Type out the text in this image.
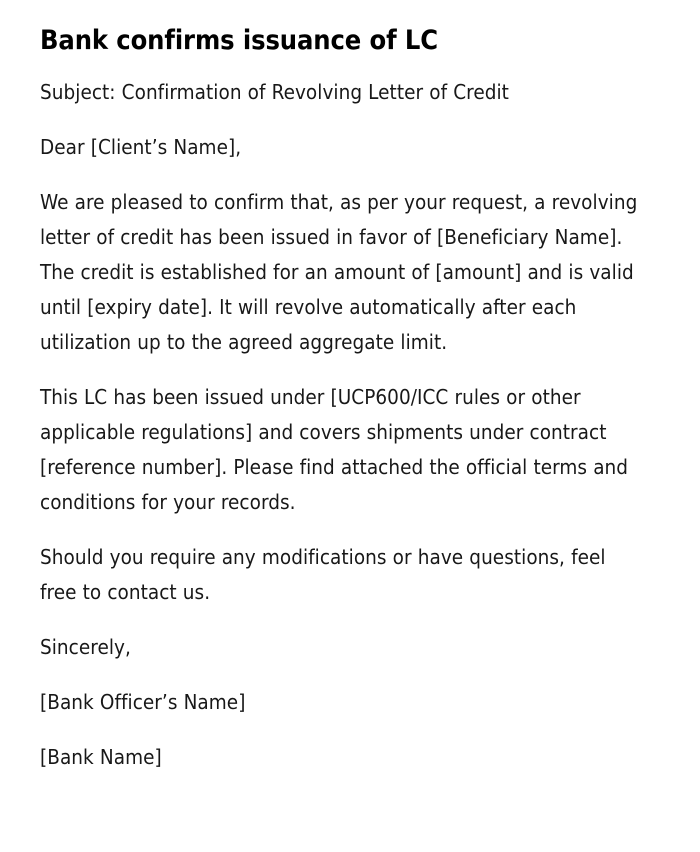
Bank confirms issuance of LC

Subject: Confirmation of Revolving Letter of Credit

Dear [Client’s Name],

We are pleased to confirm that, as per your request, a revolving letter of credit has been issued in favor of [Beneficiary Name]. The credit is established for an amount of [amount] and is valid until [expiry date]. It will revolve automatically after each utilization up to the agreed aggregate limit.

This LC has been issued under [UCP600/ICC rules or other applicable regulations] and covers shipments under contract [reference number]. Please find attached the official terms and conditions for your records.

Should you require any modifications or have questions, feel free to contact us.

Sincerely,

[Bank Officer’s Name]

[Bank Name]
